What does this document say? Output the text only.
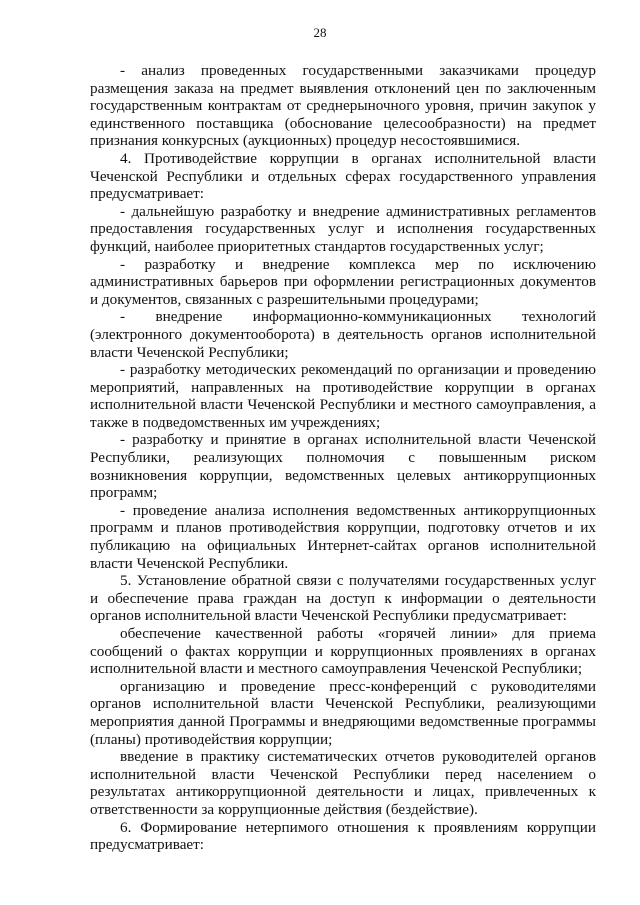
28

- анализ проведенных государственными заказчиками процедур размещения заказа на предмет выявления отклонений цен по заключенным государственным контрактам от среднерыночного уровня, причин закупок у единственного поставщика (обоснование целесообразности) на предмет признания конкурсных (аукционных) процедур несостоявшимися.

4. Противодействие коррупции в органах исполнительной власти Чеченской Республики и отдельных сферах государственного управления предусматривает:

- дальнейшую разработку и внедрение административных регламентов предоставления государственных услуг и исполнения государственных функций, наиболее приоритетных стандартов государственных услуг;

- разработку и внедрение комплекса мер по исключению административных барьеров при оформлении регистрационных документов и документов, связанных с разрешительными процедурами;

- внедрение информационно-коммуникационных технологий (электронного документооборота) в деятельность органов исполнительной власти Чеченской Республики;

- разработку методических рекомендаций по организации и проведению мероприятий, направленных на противодействие коррупции в органах исполнительной власти Чеченской Республики и местного самоуправления, а также в подведомственных им учреждениях;

- разработку и принятие в органах исполнительной власти Чеченской Республики, реализующих полномочия с повышенным риском возникновения коррупции, ведомственных целевых антикоррупционных программ;

- проведение анализа исполнения ведомственных антикоррупционных программ и планов противодействия коррупции, подготовку отчетов и их публикацию на официальных Интернет-сайтах органов исполнительной власти Чеченской Республики.

5. Установление обратной связи с получателями государственных услуг и обеспечение права граждан на доступ к информации о деятельности органов исполнительной власти Чеченской Республики предусматривает:

обеспечение качественной работы «горячей линии» для приема сообщений о фактах коррупции и коррупционных проявлениях в органах исполнительной власти и местного самоуправления Чеченской Республики;

организацию и проведение пресс-конференций с руководителями органов исполнительной власти Чеченской Республики, реализующими мероприятия данной Программы и внедряющими ведомственные программы (планы) противодействия коррупции;

введение в практику систематических отчетов руководителей органов исполнительной власти Чеченской Республики перед населением о результатах антикоррупционной деятельности и лицах, привлеченных к ответственности за коррупционные действия (бездействие).

6. Формирование нетерпимого отношения к проявлениям коррупции предусматривает:
